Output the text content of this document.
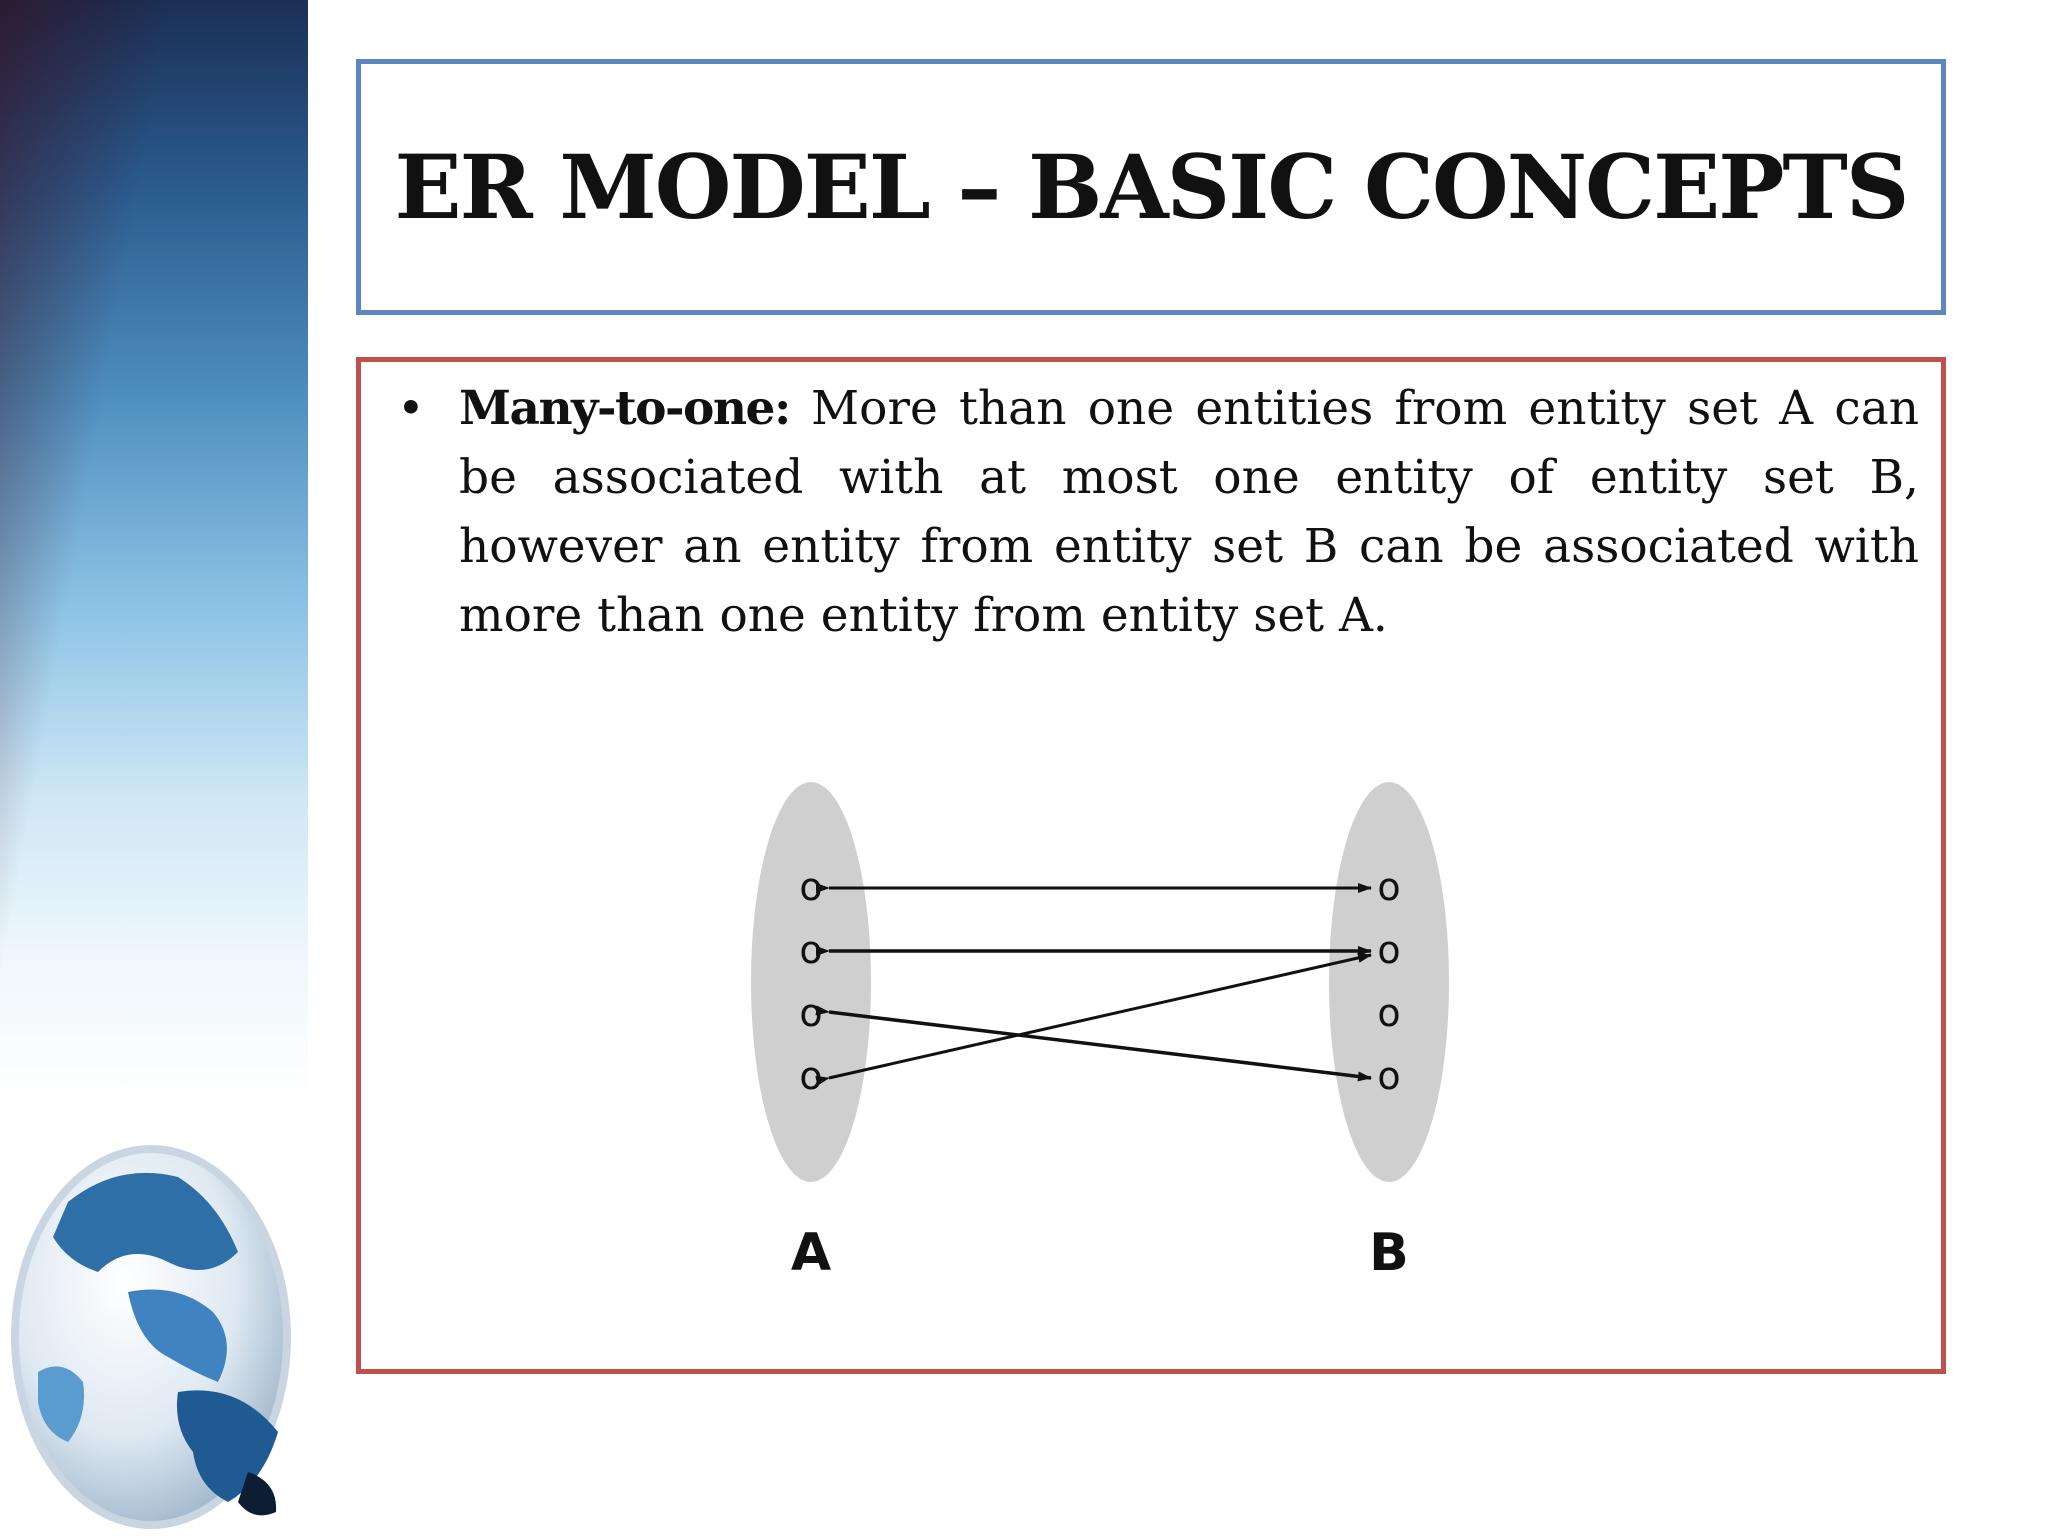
ER MODEL – BASIC CONCEPTS
• Many-to-one: More than one entities from entity set A can be associated with at most one entity of entity set B, however an entity from entity set B can be associated with more than one entity from entity set A.
o
o
o
o
o
o
o
o
A	B
